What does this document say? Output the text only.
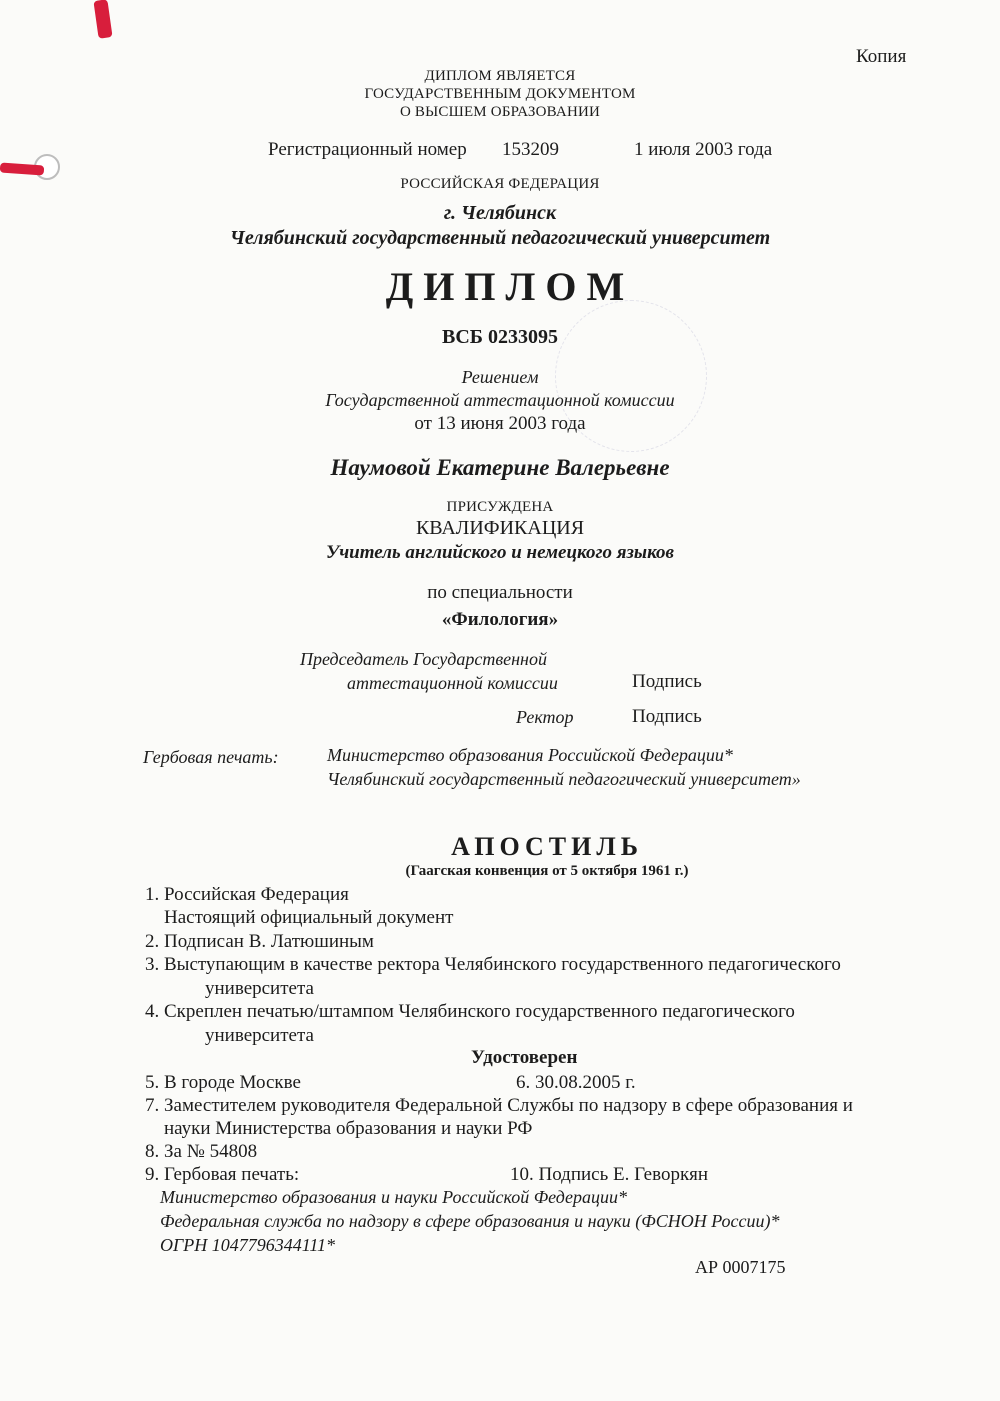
Копия
ДИПЛОМ ЯВЛЯЕТСЯ
ГОСУДАРСТВЕННЫМ ДОКУМЕНТОМ
О ВЫСШЕМ ОБРАЗОВАНИИ
Регистрационный номер 153209	1 июля 2003 года
РОССИЙСКАЯ ФЕДЕРАЦИЯ
г. Челябинск
Челябинский государственный педагогический университет
ДИПЛОМ
ВСБ 0233095
Решением
Государственной аттестационной комиссии
от 13 июня 2003 года
Наумовой Екатерине Валерьевне
ПРИСУЖДЕНА
КВАЛИФИКАЦИЯ
Учитель английского и немецкого языков
по специальности
«Филология»
Председатель Государственной
аттестационной комиссии	Подпись
Ректор	Подпись
Гербовая печать:	Министерство образования Российской Федерации*
Челябинский государственный педагогический университет»
АПОСТИЛЬ
(Гаагская конвенция от 5 октября 1961 г.)
1. Российская Федерация
Настоящий официальный документ
2. Подписан В. Латюшиным
3. Выступающим в качестве ректора Челябинского государственного педагогического
университета
4. Скреплен печатью/штампом Челябинского государственного педагогического
университета
Удостоверен
5. В городе Москве	6. 30.08.2005 г.
7. Заместителем руководителя Федеральной Службы по надзору в сфере образования и
науки Министерства образования и науки РФ
8. За № 54808
9. Гербовая печать:	10. Подпись Е. Геворкян
Министерство образования и науки Российской Федерации*
Федеральная служба по надзору в сфере образования и науки (ФСНОН России)*
ОГРН 1047796344111*
АР 0007175
